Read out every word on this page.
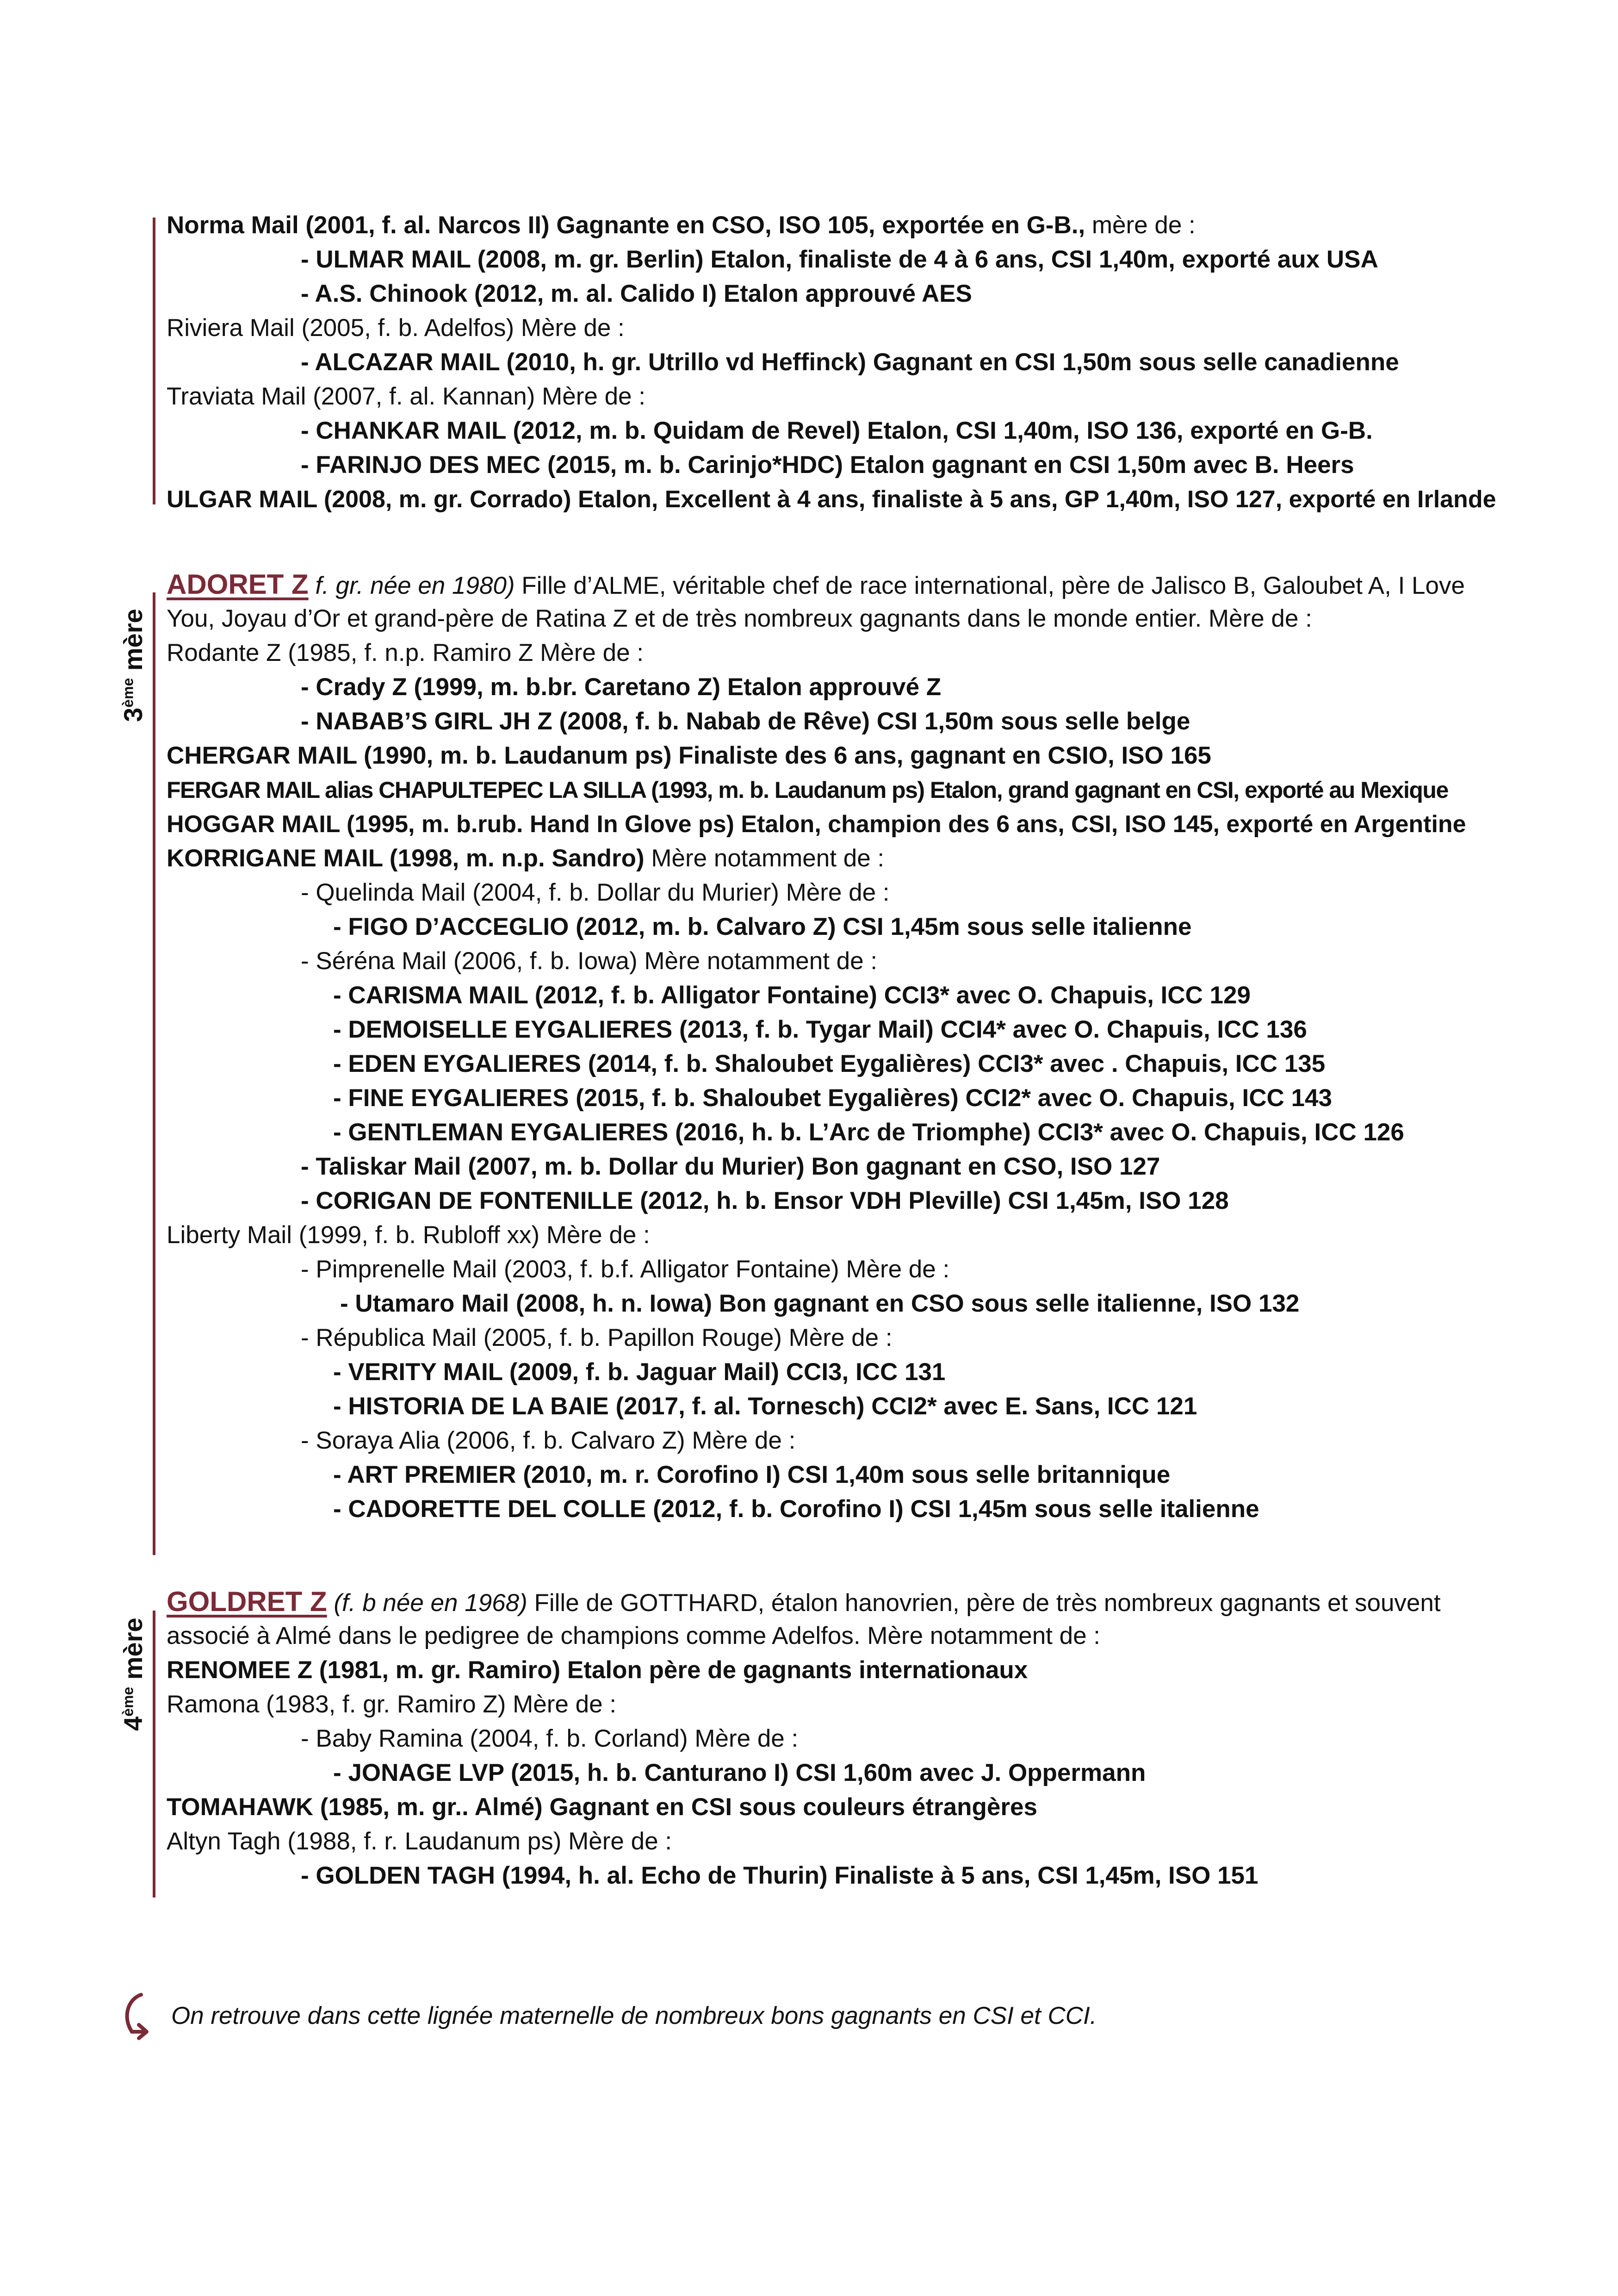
Norma Mail (2001, f. al. Narcos II) Gagnante en CSO, ISO 105, exportée en G-B., mère de :
- ULMAR MAIL (2008, m. gr. Berlin) Etalon, finaliste de 4 à 6 ans, CSI 1,40m, exporté aux USA
- A.S. Chinook (2012, m. al. Calido I) Etalon approuvé AES
Riviera Mail (2005, f. b. Adelfos) Mère de :
- ALCAZAR MAIL (2010, h. gr. Utrillo vd Heffinck) Gagnant en CSI 1,50m sous selle canadienne
Traviata Mail (2007, f. al. Kannan) Mère de :
- CHANKAR MAIL (2012, m. b. Quidam de Revel) Etalon, CSI 1,40m, ISO 136, exporté en G-B.
- FARINJO DES MEC (2015, m. b. Carinjo*HDC) Etalon gagnant en CSI 1,50m avec B. Heers
ULGAR MAIL (2008, m. gr. Corrado) Etalon, Excellent à 4 ans, finaliste à 5 ans, GP 1,40m, ISO 127, exporté en Irlande
3ème mère
ADORET Z f. gr. née en 1980) Fille d’ALME, véritable chef de race international, père de Jalisco B, Galoubet A, I Love
You, Joyau d’Or et grand-père de Ratina Z et de très nombreux gagnants dans le monde entier. Mère de :
Rodante Z (1985, f. n.p. Ramiro Z Mère de :
- Crady Z (1999, m. b.br. Caretano Z) Etalon approuvé Z
- NABAB’S GIRL JH Z (2008, f. b. Nabab de Rêve) CSI 1,50m sous selle belge
CHERGAR MAIL (1990, m. b. Laudanum ps) Finaliste des 6 ans, gagnant en CSIO, ISO 165
FERGAR MAIL alias CHAPULTEPEC LA SILLA (1993, m. b. Laudanum ps) Etalon, grand gagnant en CSI, exporté au Mexique
HOGGAR MAIL (1995, m. b.rub. Hand In Glove ps) Etalon, champion des 6 ans, CSI, ISO 145, exporté en Argentine
KORRIGANE MAIL (1998, m. n.p. Sandro) Mère notamment de :
- Quelinda Mail (2004, f. b. Dollar du Murier) Mère de :
- FIGO D’ACCEGLIO (2012, m. b. Calvaro Z) CSI 1,45m sous selle italienne
- Séréna Mail (2006, f. b. Iowa) Mère notamment de :
- CARISMA MAIL (2012, f. b. Alligator Fontaine) CCI3* avec O. Chapuis, ICC 129
- DEMOISELLE EYGALIERES (2013, f. b. Tygar Mail) CCI4* avec O. Chapuis, ICC 136
- EDEN EYGALIERES (2014, f. b. Shaloubet Eygalières) CCI3* avec . Chapuis, ICC 135
- FINE EYGALIERES (2015, f. b. Shaloubet Eygalières) CCI2* avec O. Chapuis, ICC 143
- GENTLEMAN EYGALIERES (2016, h. b. L’Arc de Triomphe) CCI3* avec O. Chapuis, ICC 126
- Taliskar Mail (2007, m. b. Dollar du Murier) Bon gagnant en CSO, ISO 127
- CORIGAN DE FONTENILLE (2012, h. b. Ensor VDH Pleville) CSI 1,45m, ISO 128
Liberty Mail (1999, f. b. Rubloff xx) Mère de :
- Pimprenelle Mail (2003, f. b.f. Alligator Fontaine) Mère de :
- Utamaro Mail (2008, h. n. Iowa) Bon gagnant en CSO sous selle italienne, ISO 132
- Républica Mail (2005, f. b. Papillon Rouge) Mère de :
- VERITY MAIL (2009, f. b. Jaguar Mail) CCI3, ICC 131
- HISTORIA DE LA BAIE (2017, f. al. Tornesch) CCI2* avec E. Sans, ICC 121
- Soraya Alia (2006, f. b. Calvaro Z) Mère de :
- ART PREMIER (2010, m. r. Corofino I) CSI 1,40m sous selle britannique
- CADORETTE DEL COLLE (2012, f. b. Corofino I) CSI 1,45m sous selle italienne
4ème mère
GOLDRET Z (f. b née en 1968) Fille de GOTTHARD, étalon hanovrien, père de très nombreux gagnants et souvent
associé à Almé dans le pedigree de champions comme Adelfos. Mère notamment de :
RENOMEE Z (1981, m. gr. Ramiro) Etalon père de gagnants internationaux
Ramona (1983, f. gr. Ramiro Z) Mère de :
- Baby Ramina (2004, f. b. Corland) Mère de :
- JONAGE LVP (2015, h. b. Canturano I) CSI 1,60m avec J. Oppermann
TOMAHAWK (1985, m. gr.. Almé) Gagnant en CSI sous couleurs étrangères
Altyn Tagh (1988, f. r. Laudanum ps) Mère de :
- GOLDEN TAGH (1994, h. al. Echo de Thurin) Finaliste à 5 ans, CSI 1,45m, ISO 151
On retrouve dans cette lignée maternelle de nombreux bons gagnants en CSI et CCI.
